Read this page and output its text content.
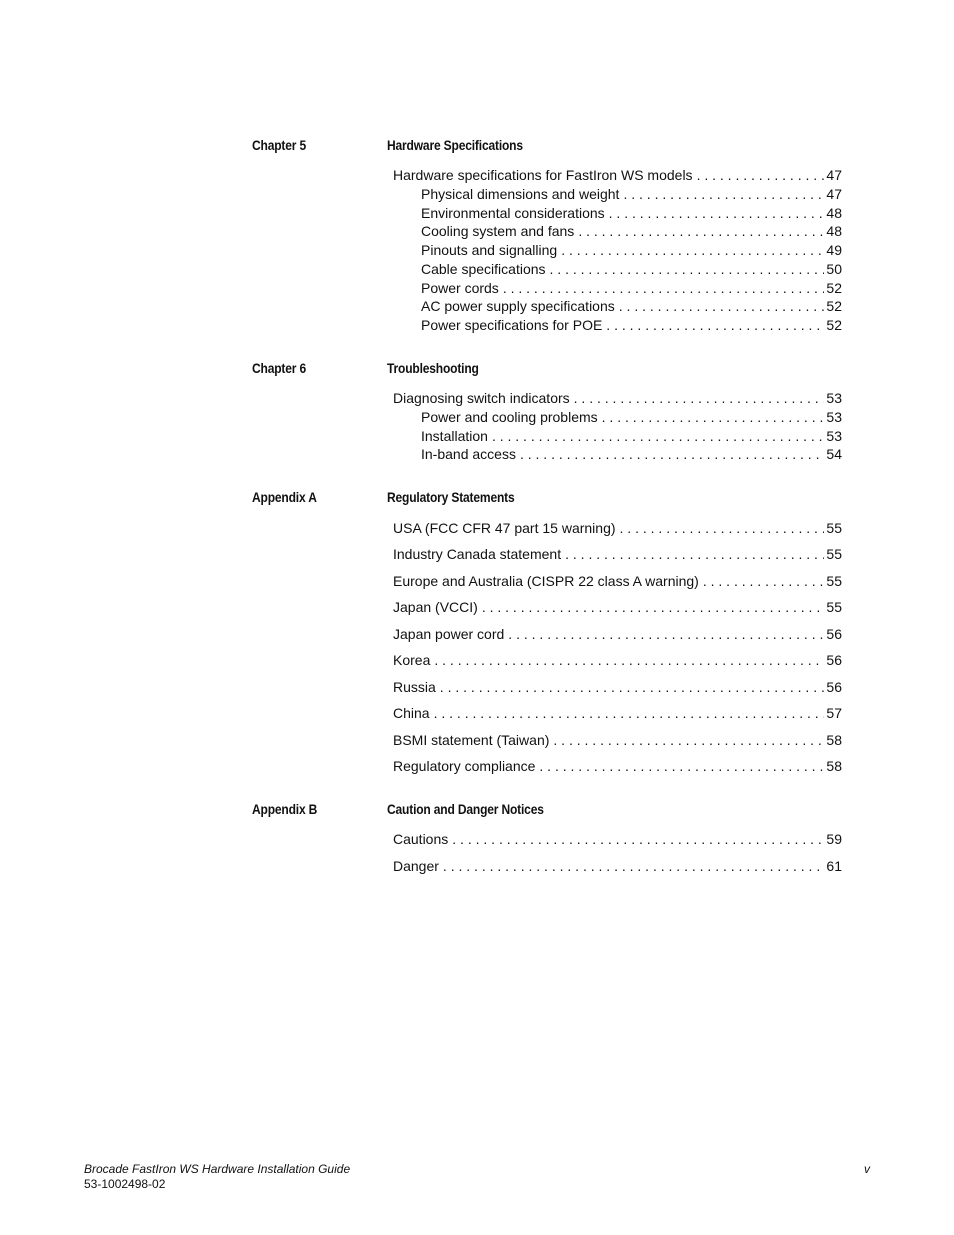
Chapter 5	Hardware Specifications
Hardware specifications for FastIron WS models . . .	47
Physical dimensions and weight . . .	47
Environmental considerations . . .	48
Cooling system and fans . . .	48
Pinouts and signalling . . .	49
Cable specifications . . .	50
Power cords . . .	52
AC power supply specifications . . .	52
Power specifications for POE . . .	52
Chapter 6	Troubleshooting
Diagnosing switch indicators . . .	53
Power and cooling problems . . .	53
Installation . . .	53
In-band access . . .	54
Appendix A	Regulatory Statements
USA (FCC CFR 47 part 15 warning) . . .	55
Industry Canada statement . . .	55
Europe and Australia (CISPR 22 class A warning) . . .	55
Japan (VCCI) . . .	55
Japan power cord . . .	56
Korea . . .	56
Russia . . .	56
China . . .	57
BSMI statement (Taiwan) . . .	58
Regulatory compliance . . .	58
Appendix B	Caution and Danger Notices
Cautions . . .	59
Danger . . .	61
Brocade FastIron WS Hardware Installation Guide
53-1002498-02
v
